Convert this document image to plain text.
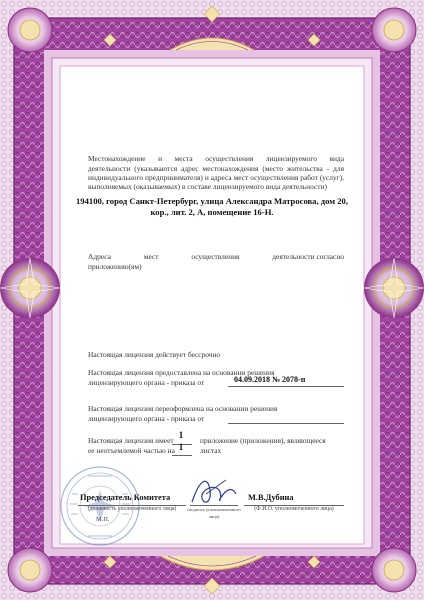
Местонахождение и места осуществления лицензируемого вида
деятельности (указываются адрес местонахождения (место жительства - для
индивидуального предпринимателя) и адреса мест осуществления работ (услуг),
выполняемых (оказываемых) в составе лицензируемого вида деятельности)
194100, город Санкт-Петербург, улица Александра Матросова, дом 20,
кор., лит. 2, А, помещение 16-Н.
Адреса	мест	осуществления	деятельности согласно
приложению(ям)
Настоящая лицензия действует бессрочно
Настоящая лицензия предоставлена на основании решения
лицензирующего органа - приказа от	04.09.2018 № 2078-п
Настоящая лицензия переоформлена на основании решения
лицензирующего органа - приказа от
Настоящая лицензия имеет
1
приложение (приложения), являющееся
ее неотъемлемой частью на 1	листах
Председатель Комитета
(должность уполномоченного лица)	(подпись уполномоченного лица)
М.В.Дубина
(Ф.И.О. уполномоченного лица)
М.П.
